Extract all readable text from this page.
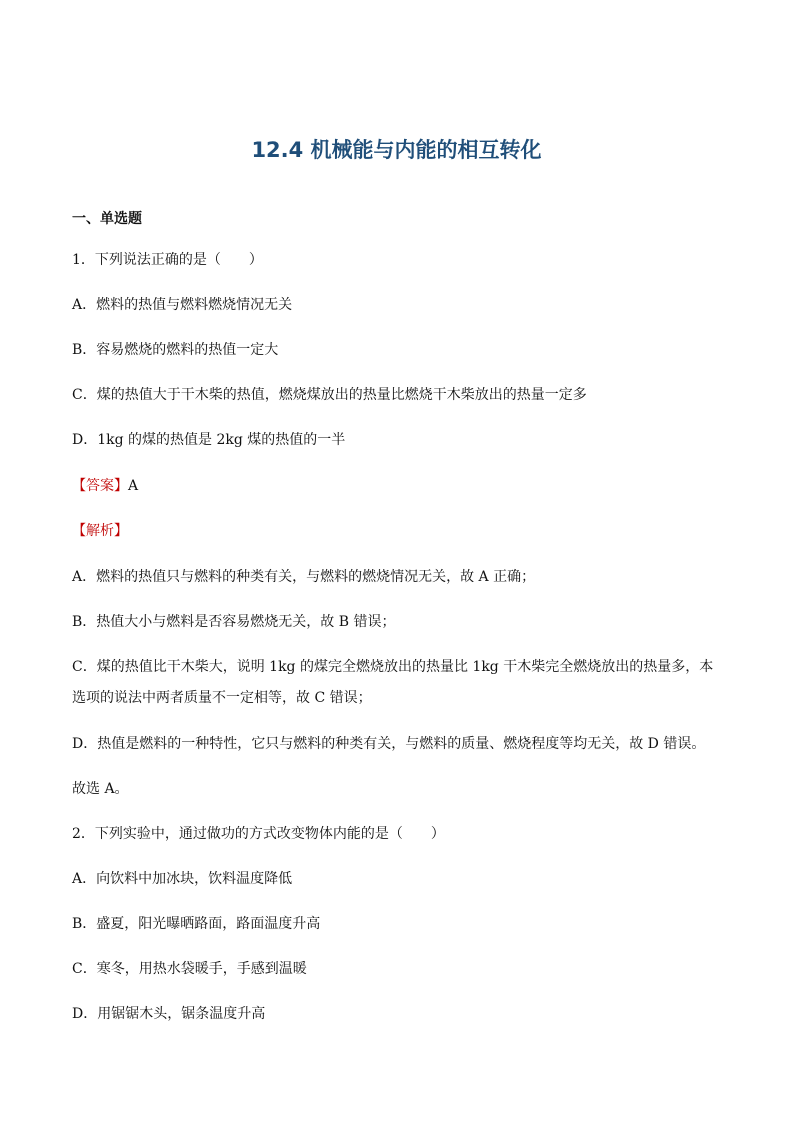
12.4 机械能与内能的相互转化
一、单选题
1．下列说法正确的是（　　）
A．燃料的热值与燃料燃烧情况无关
B．容易燃烧的燃料的热值一定大
C．煤的热值大于干木柴的热值，燃烧煤放出的热量比燃烧干木柴放出的热量一定多
D．1kg 的煤的热值是 2kg 煤的热值的一半
【答案】A
【解析】
A．燃料的热值只与燃料的种类有关，与燃料的燃烧情况无关，故 A 正确；
B．热值大小与燃料是否容易燃烧无关，故 B 错误；
C．煤的热值比干木柴大，说明 1kg 的煤完全燃烧放出的热量比 1kg 干木柴完全燃烧放出的热量多，本
选项的说法中两者质量不一定相等，故 C 错误；
D．热值是燃料的一种特性，它只与燃料的种类有关，与燃料的质量、燃烧程度等均无关，故 D 错误。
故选 A。
2．下列实验中，通过做功的方式改变物体内能的是（　　）
A．向饮料中加冰块，饮料温度降低
B．盛夏，阳光曝晒路面，路面温度升高
C．寒冬，用热水袋暖手，手感到温暖
D．用锯锯木头，锯条温度升高
